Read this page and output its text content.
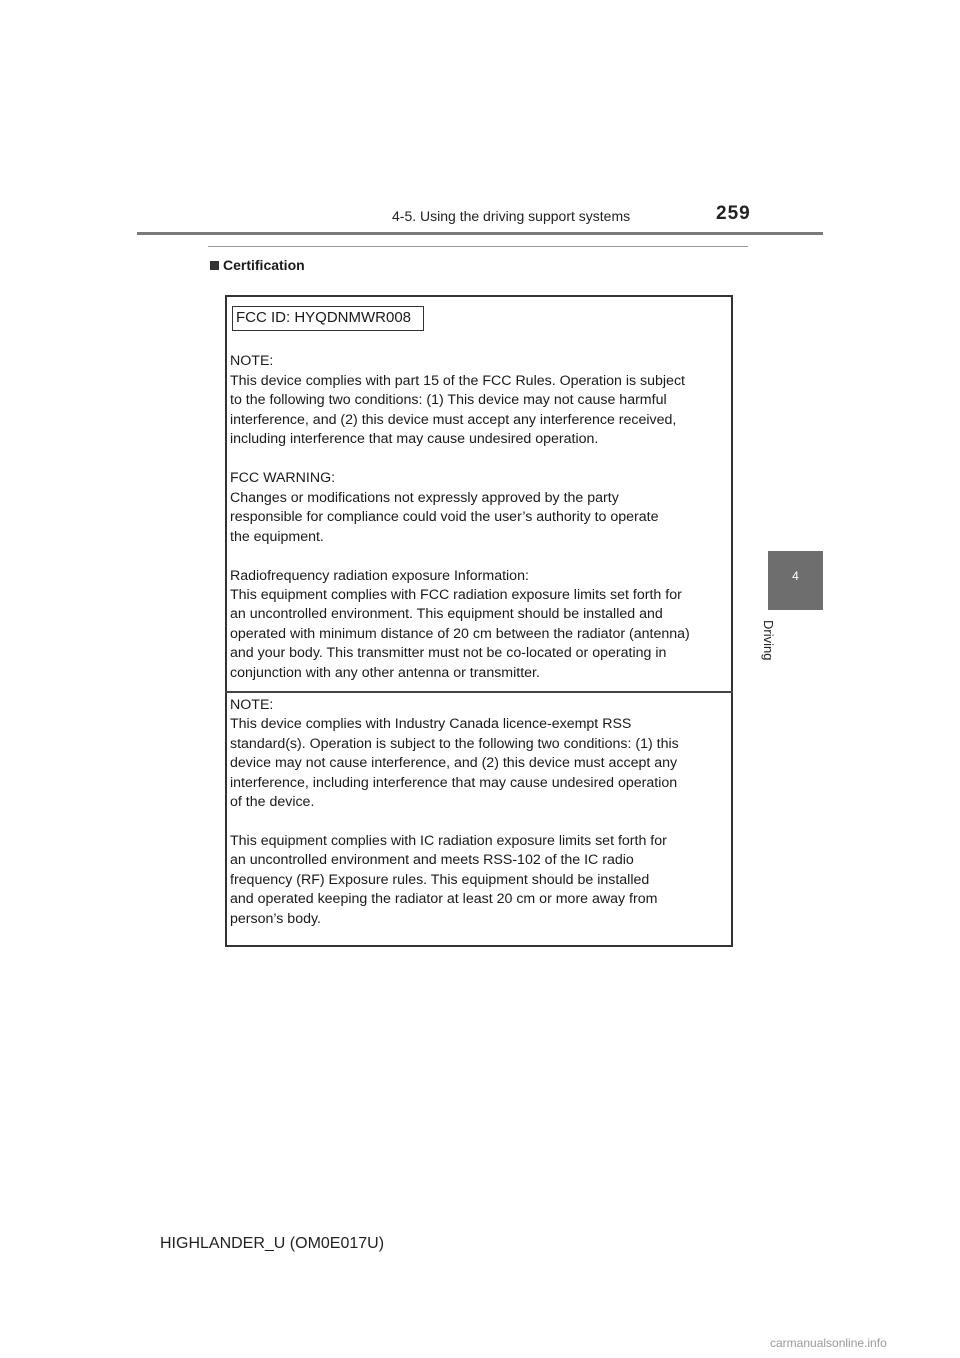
4-5. Using the driving support systems	259
Certification
4
Driving
FCC ID: HYQDNMWR008
NOTE:
This device complies with part 15 of the FCC Rules. Operation is subject
to the following two conditions: (1) This device may not cause harmful
interference, and (2) this device must accept any interference received,
including interference that may cause undesired operation.
FCC WARNING:
Changes or modifications not expressly approved by the party
responsible for compliance could void the user’s authority to operate
the equipment.
Radiofrequency radiation exposure Information:
This equipment complies with FCC radiation exposure limits set forth for
an uncontrolled environment. This equipment should be installed and
operated with minimum distance of 20 cm between the radiator (antenna)
and your body. This transmitter must not be co-located or operating in
conjunction with any other antenna or transmitter.
NOTE:
This device complies with Industry Canada licence-exempt RSS
standard(s). Operation is subject to the following two conditions: (1) this
device may not cause interference, and (2) this device must accept any
interference, including interference that may cause undesired operation
of the device.
This equipment complies with IC radiation exposure limits set forth for
an uncontrolled environment and meets RSS-102 of the IC radio
frequency (RF) Exposure rules. This equipment should be installed
and operated keeping the radiator at least 20 cm or more away from
person’s body.
HIGHLANDER_U (OM0E017U)
carmanualsonline.info
